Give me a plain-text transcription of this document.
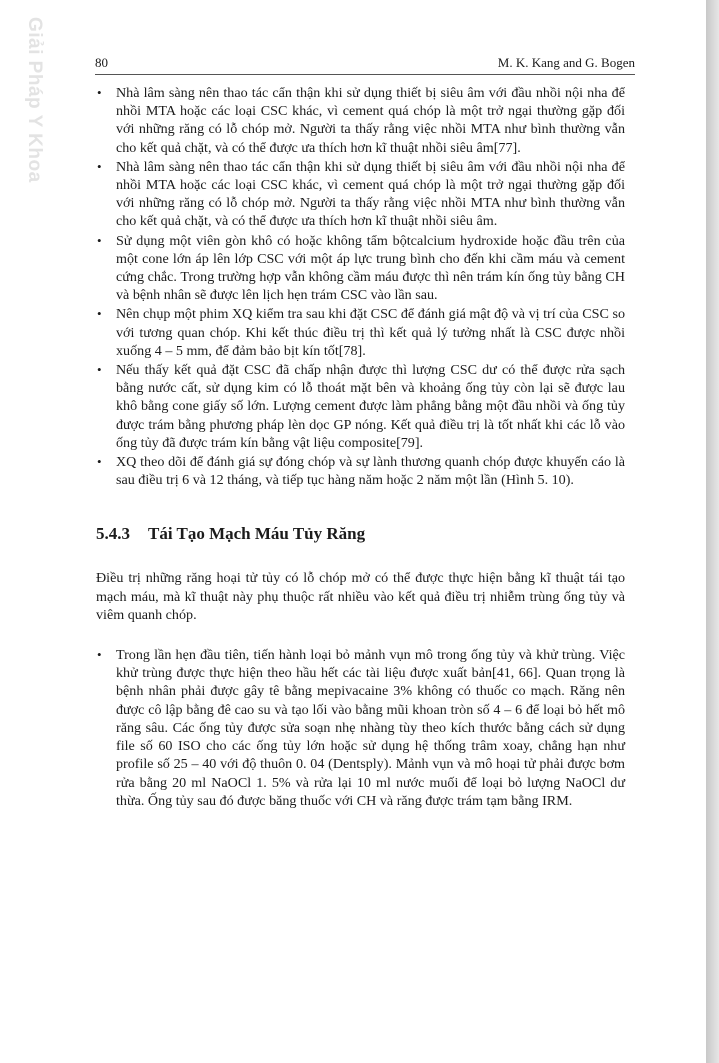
Giải Pháp Y Khoa	80	M. K. Kang and G. Bogen
• Nhà lâm sàng nên thao tác cẩn thận khi sử dụng thiết bị siêu âm với đầu nhồi nội nha để nhồi MTA hoặc các loại CSC khác, vì cement quá chóp là một trở ngại thường gặp đối với những răng có lỗ chóp mở. Người ta thấy rằng việc nhồi MTA như bình thường vẫn cho kết quả chặt, và có thể được ưa thích hơn kĩ thuật nhồi siêu âm[77].
• Nhà lâm sàng nên thao tác cẩn thận khi sử dụng thiết bị siêu âm với đầu nhồi nội nha để nhồi MTA hoặc các loại CSC khác, vì cement quá chóp là một trở ngại thường gặp đối với những răng có lỗ chóp mở. Người ta thấy rằng việc nhồi MTA như bình thường vẫn cho kết quả chặt, và có thể được ưa thích hơn kĩ thuật nhồi siêu âm.
• Sử dụng một viên gòn khô có hoặc không tẩm bộtcalcium hydroxide hoặc đầu trên của một cone lớn áp lên lớp CSC với một áp lực trung bình cho đến khi cầm máu và cement cứng chắc. Trong trường hợp vẫn không cầm máu được thì nên trám kín ống tủy bằng CH và bệnh nhân sẽ được lên lịch hẹn trám CSC vào lần sau.
• Nên chụp một phim XQ kiểm tra sau khi đặt CSC để đánh giá mật độ và vị trí của CSC so với tương quan chóp. Khi kết thúc điều trị thì kết quả lý tưởng nhất là CSC được nhồi xuống 4 – 5 mm, để đảm bảo bịt kín tốt[78].
• Nếu thấy kết quả đặt CSC đã chấp nhận được thì lượng CSC dư có thể được rửa sạch bằng nước cất, sử dụng kim có lỗ thoát mặt bên và khoảng ống tủy còn lại sẽ được lau khô bằng cone giấy số lớn. Lượng cement được làm phẳng bằng một đầu nhồi và ống tủy được trám bằng phương pháp lèn dọc GP nóng. Kết quả điều trị là tốt nhất khi các lỗ vào ống tủy đã được trám kín bằng vật liệu composite[79].
• XQ theo dõi để đánh giá sự đóng chóp và sự lành thương quanh chóp được khuyến cáo là sau điều trị 6 và 12 tháng, và tiếp tục hàng năm hoặc 2 năm một lần (Hình 5. 10).
5.4.3 Tái Tạo Mạch Máu Tủy Răng

Điều trị những răng hoại tử tủy có lỗ chóp mở có thể được thực hiện bằng kĩ thuật tái tạo mạch máu, mà kĩ thuật này phụ thuộc rất nhiều vào kết quả điều trị nhiễm trùng ống tủy và viêm quanh chóp.

• Trong lần hẹn đầu tiên, tiến hành loại bỏ mảnh vụn mô trong ống tủy và khử trùng. Việc khử trùng được thực hiện theo hầu hết các tài liệu được xuất bản[41, 66]. Quan trọng là bệnh nhân phải được gây tê bằng mepivacaine 3% không có thuốc co mạch. Răng nên được cô lập bằng đê cao su và tạo lối vào bằng mũi khoan tròn số 4 – 6 để loại bỏ hết mô răng sâu. Các ống tủy được sửa soạn nhẹ nhàng tùy theo kích thước bằng cách sử dụng file số 60 ISO cho các ống tủy lớn hoặc sử dụng hệ thống trâm xoay, chẳng hạn như profile số 25 – 40 với độ thuôn 0. 04 (Dentsply). Mảnh vụn và mô hoại tử phải được bơm rửa bằng 20 ml NaOCl 1. 5% và rửa lại 10 ml nước muối để loại bỏ lượng NaOCl dư thừa. Ống tủy sau đó được băng thuốc với CH và răng được trám tạm bằng IRM.
